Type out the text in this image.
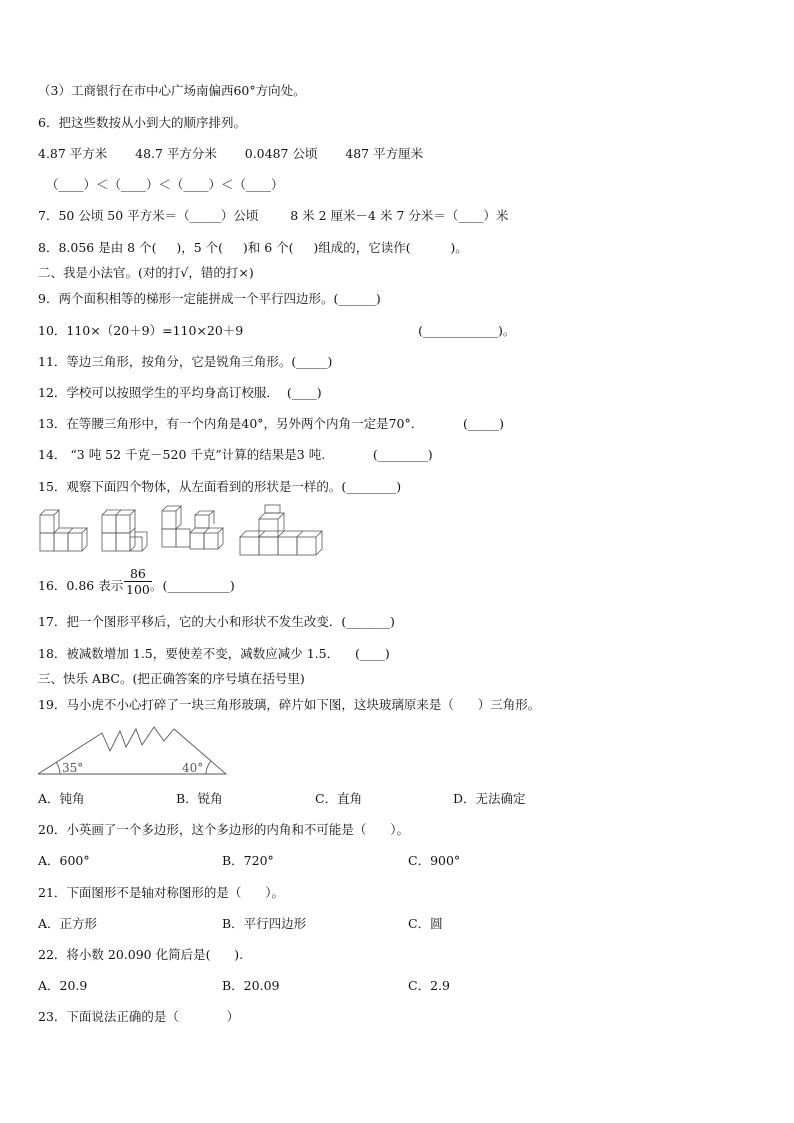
（3）工商银行在市中心广场南偏西60°方向处。
6．把这些数按从小到大的顺序排列。
4.87 平方米       48.7 平方分米       0.0487 公顷       487 平方厘米
（____）＜（____）＜（____）＜（____）
7．50 公顷 50 平方米＝（_____）公顷        8 米 2 厘米－4 米 7 分米＝（____）米
8．8.056 是由 8 个(     )，5 个(     )和 6 个(     )组成的，它读作(          )。
二、我是小法官。(对的打√，错的打×)
9．两个面积相等的梯形一定能拼成一个平行四边形。(______)
10．110×（20＋9）=110×20＋9                                            (____________)。
11．等边三角形，按角分，它是锐角三角形。(_____)
12．学校可以按照学生的平均身高订校服．  (____)
13．在等腰三角形中，有一个内角是40°，另外两个内角一定是70°．          (_____)
14． “3 吨 52 千克－520 千克”计算的结果是3 吨.            (________)
15．观察下面四个物体，从左面看到的形状是一样的。(________)
16．0.86 表示 $\frac{86}{100}$
。(__________)
17．把一个图形平移后，它的大小和形状不发生改变．(_______)
18．被减数增加 1.5，要使差不变，减数应减少 1.5．    (____)
三、快乐 ABC。(把正确答案的序号填在括号里)
19．马小虎不小心打碎了一块三角形玻璃，碎片如下图，这块玻璃原来是（      ）三角形。
35°	40°
A．钝角	B．锐角	C．直角	D．无法确定
20．小英画了一个多边形，这个多边形的内角和不可能是（      ）。
A．600°	B．720°	C．900°
21．下面图形不是轴对称图形的是（      ）。
A．正方形	B．平行四边形	C．圆
22．将小数 20.090 化简后是(      ).
A．20.9	B．20.09	C．2.9
23．下面说法正确的是（            ）
